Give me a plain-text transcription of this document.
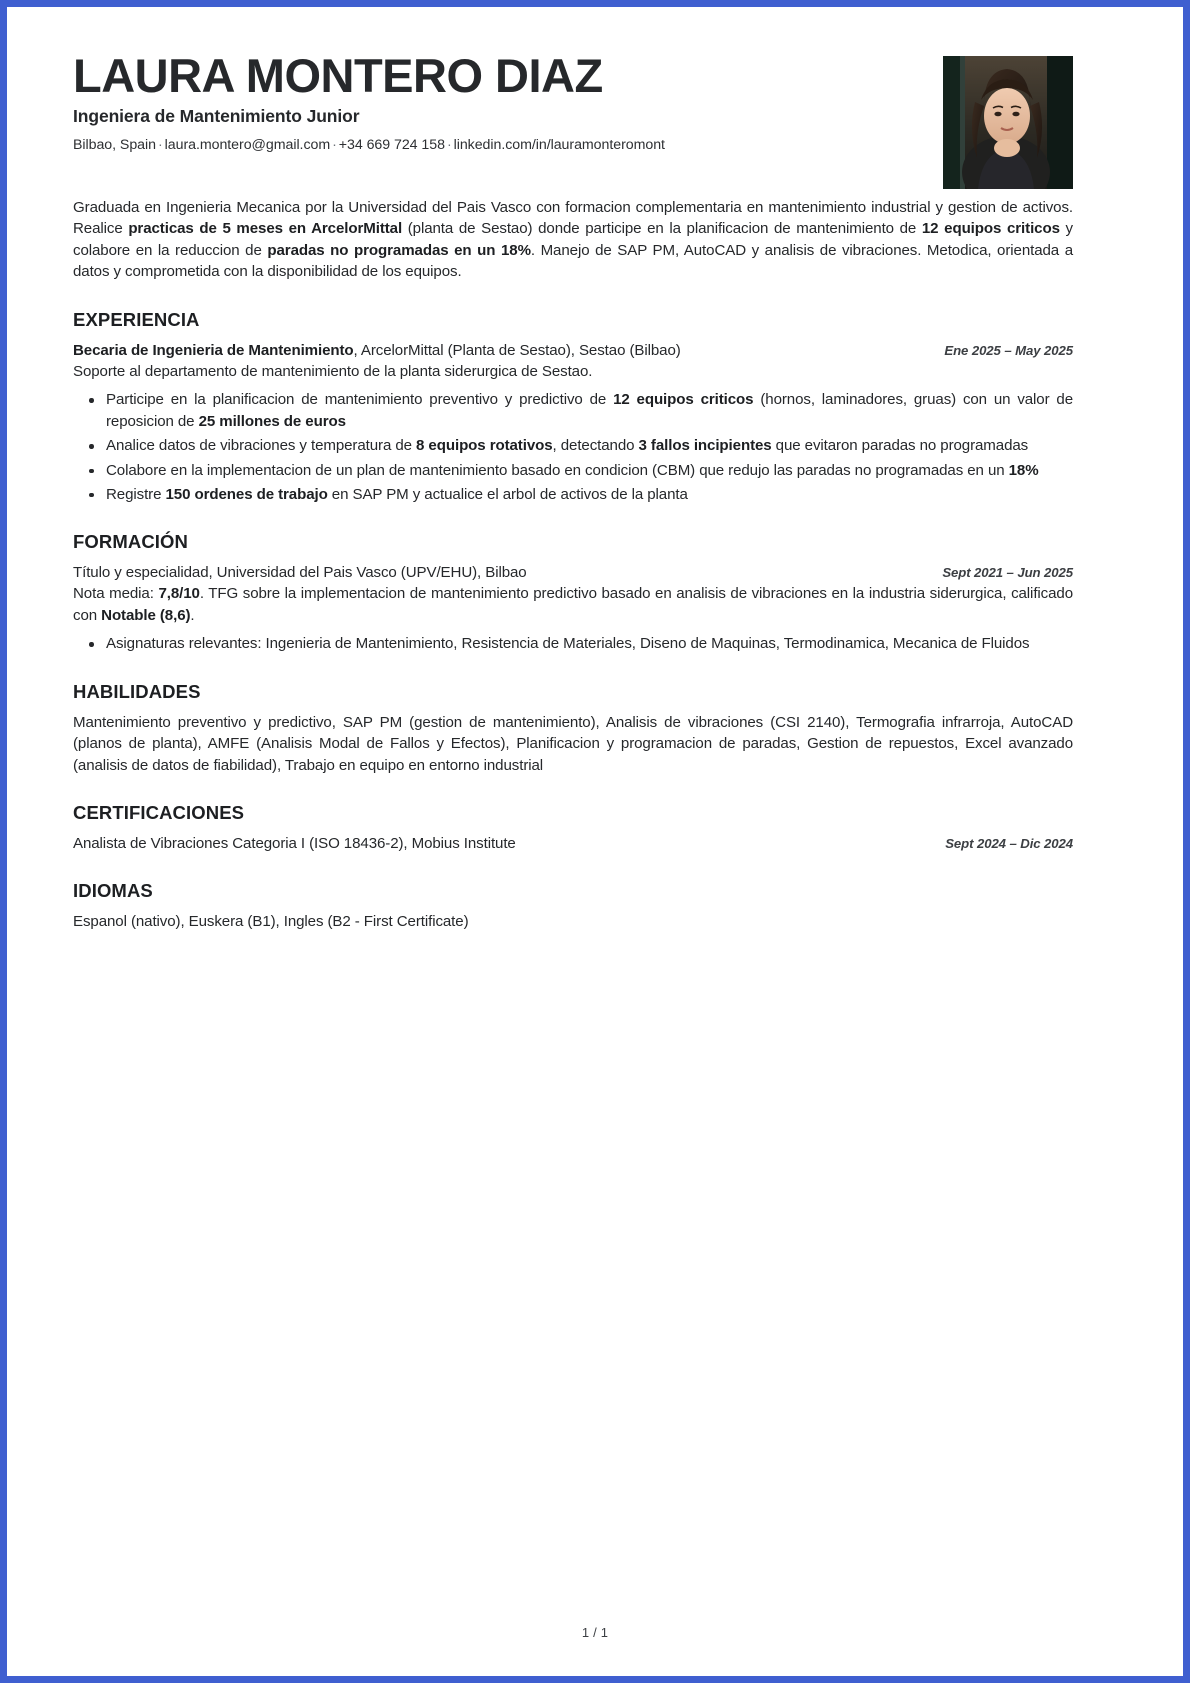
LAURA MONTERO DIAZ
Ingeniera de Mantenimiento Junior
Bilbao, Spain · laura.montero@gmail.com · +34 669 724 158 · linkedin.com/in/lauramonteromont
Graduada en Ingenieria Mecanica por la Universidad del Pais Vasco con formacion complementaria en mantenimiento industrial y gestion de activos. Realice practicas de 5 meses en ArcelorMittal (planta de Sestao) donde participe en la planificacion de mantenimiento de 12 equipos criticos y colabore en la reduccion de paradas no programadas en un 18%. Manejo de SAP PM, AutoCAD y analisis de vibraciones. Metodica, orientada a datos y comprometida con la disponibilidad de los equipos.
EXPERIENCIA
Becaria de Ingenieria de Mantenimiento, ArcelorMittal (Planta de Sestao), Sestao (Bilbao)	Ene 2025 – May 2025
Soporte al departamento de mantenimiento de la planta siderurgica de Sestao.
Participe en la planificacion de mantenimiento preventivo y predictivo de 12 equipos criticos (hornos, laminadores, gruas) con un valor de reposicion de 25 millones de euros
Analice datos de vibraciones y temperatura de 8 equipos rotativos, detectando 3 fallos incipientes que evitaron paradas no programadas
Colabore en la implementacion de un plan de mantenimiento basado en condicion (CBM) que redujo las paradas no programadas en un 18%
Registre 150 ordenes de trabajo en SAP PM y actualice el arbol de activos de la planta
FORMACIÓN
Título y especialidad, Universidad del Pais Vasco (UPV/EHU), Bilbao	Sept 2021 – Jun 2025
Nota media: 7,8/10. TFG sobre la implementacion de mantenimiento predictivo basado en analisis de vibraciones en la industria siderurgica, calificado con Notable (8,6).
Asignaturas relevantes: Ingenieria de Mantenimiento, Resistencia de Materiales, Diseno de Maquinas, Termodinamica, Mecanica de Fluidos
HABILIDADES
Mantenimiento preventivo y predictivo, SAP PM (gestion de mantenimiento), Analisis de vibraciones (CSI 2140), Termografia infrarroja, AutoCAD (planos de planta), AMFE (Analisis Modal de Fallos y Efectos), Planificacion y programacion de paradas, Gestion de repuestos, Excel avanzado (analisis de datos de fiabilidad), Trabajo en equipo en entorno industrial
CERTIFICACIONES
Analista de Vibraciones Categoria I (ISO 18436-2), Mobius Institute	Sept 2024 – Dic 2024
IDIOMAS
Espanol (nativo), Euskera (B1), Ingles (B2 - First Certificate)
1 / 1
